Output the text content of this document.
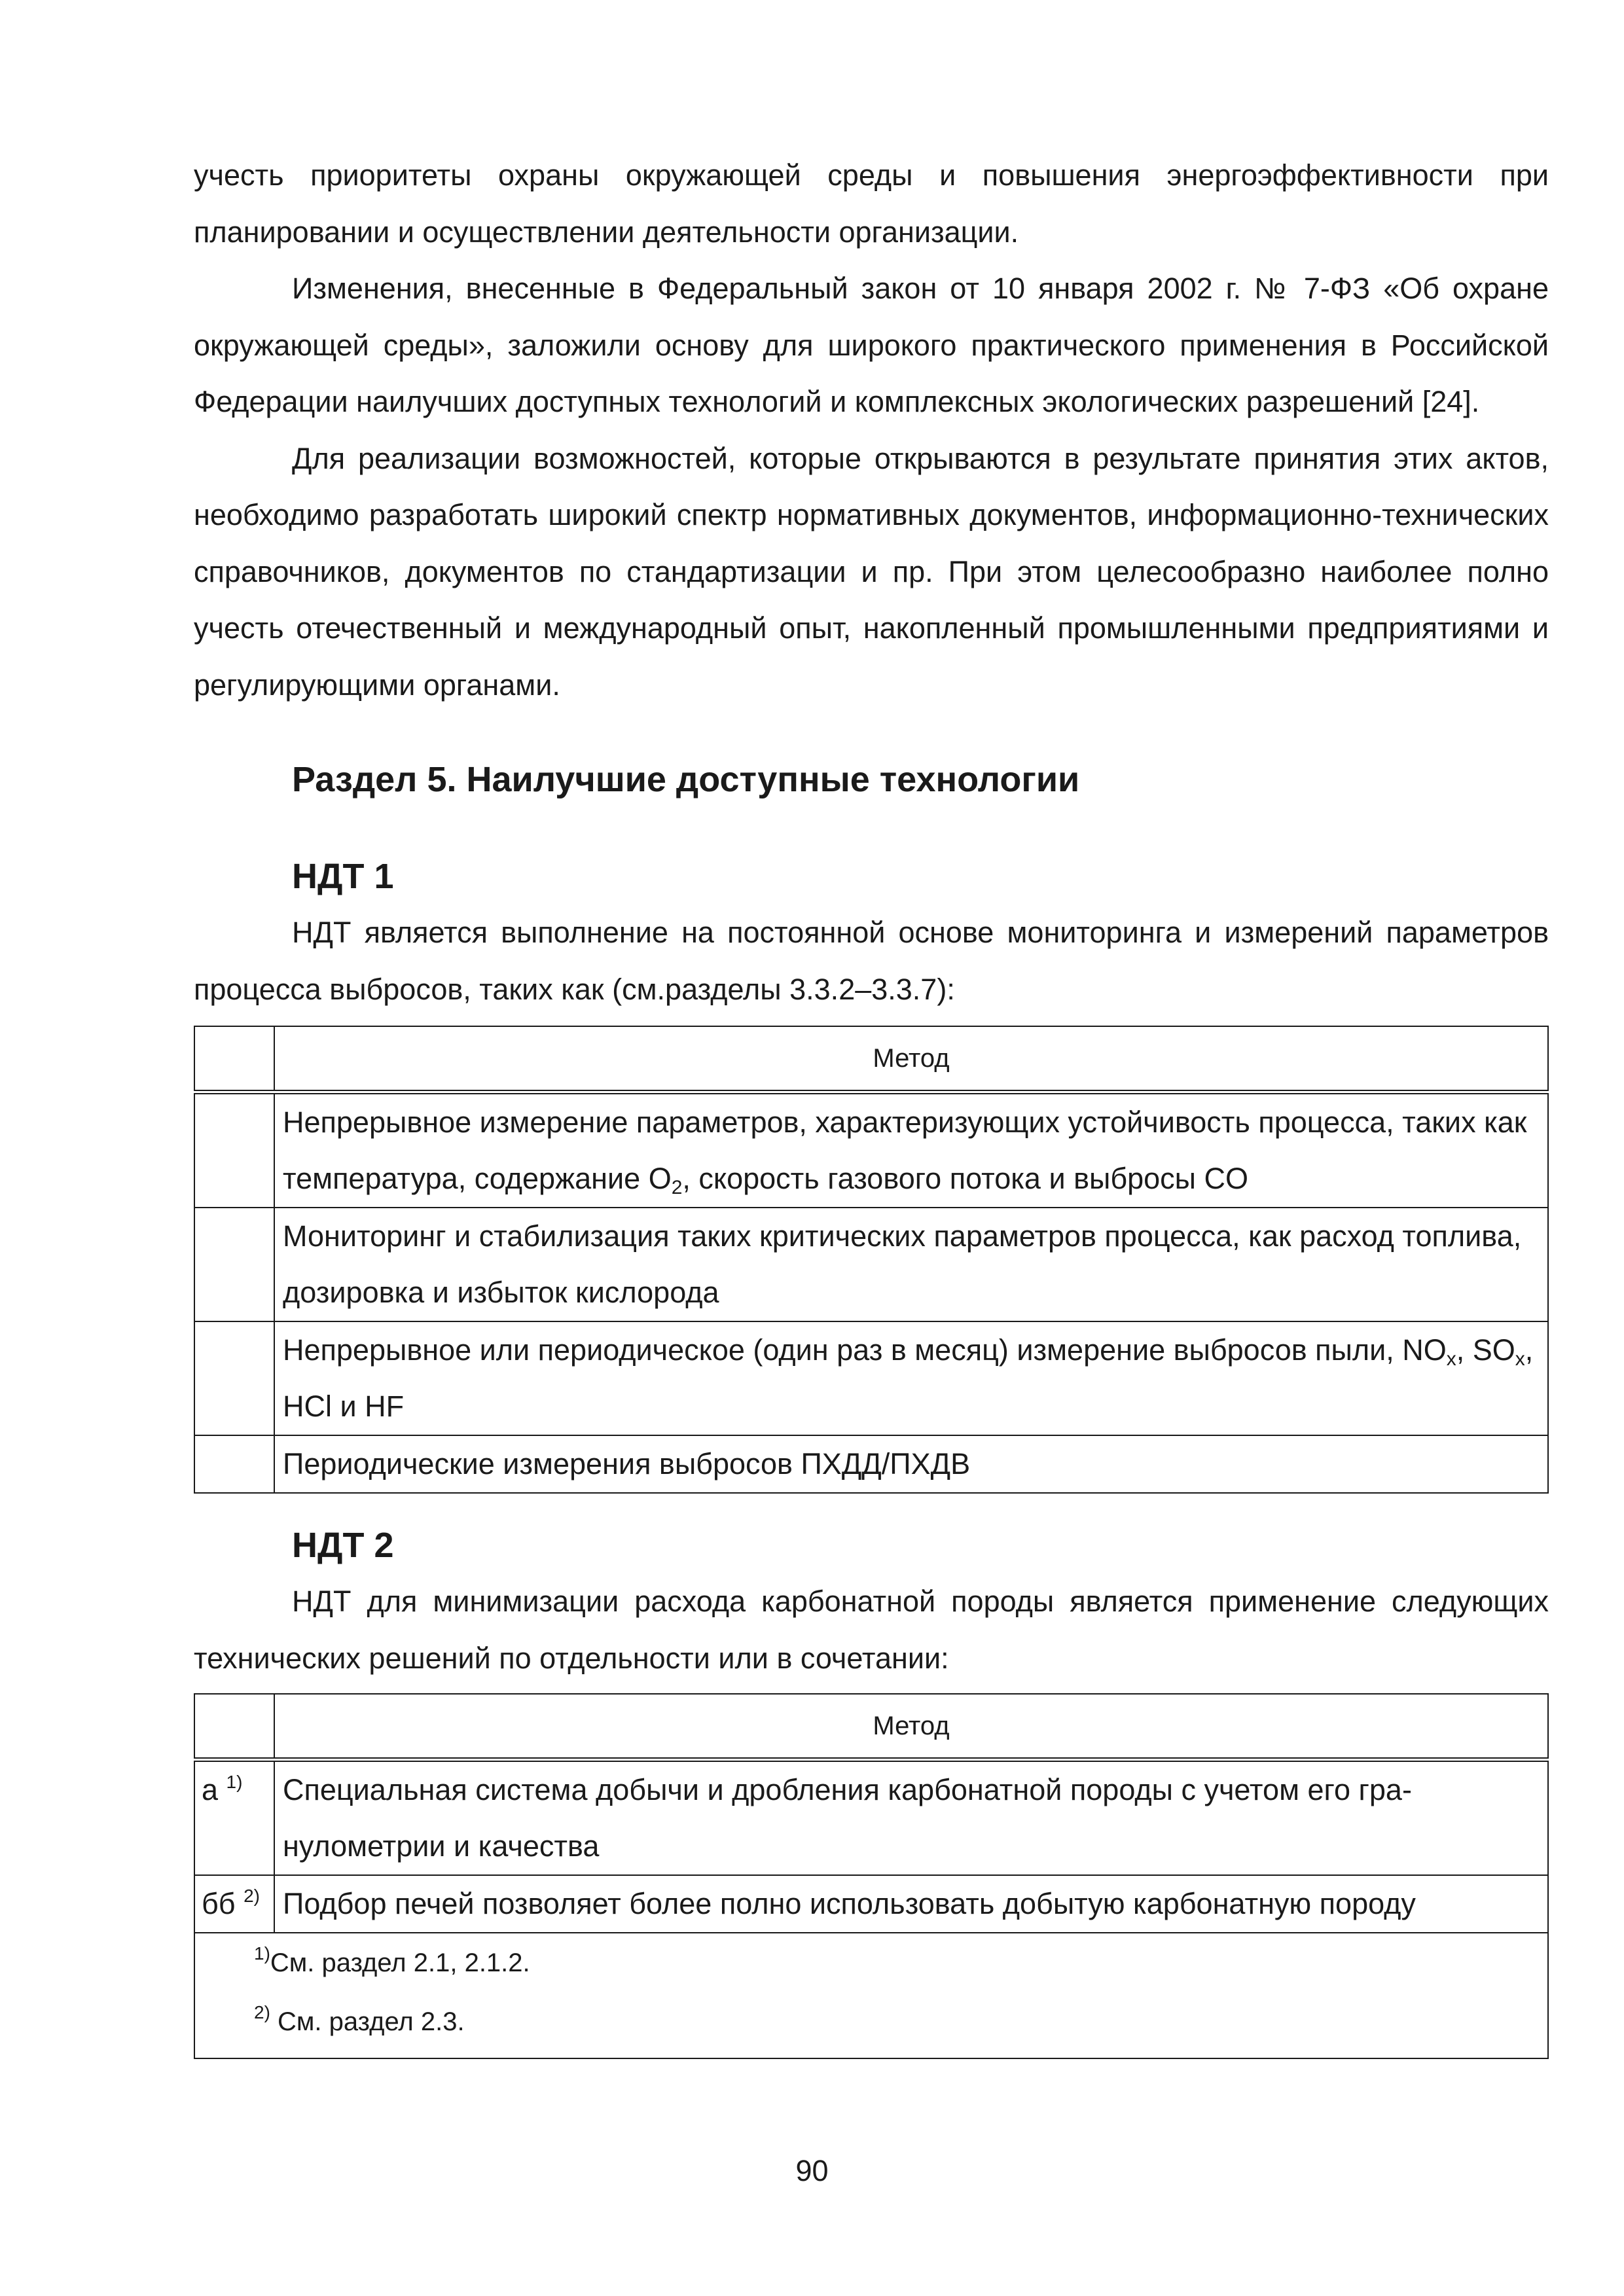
учесть приоритеты охраны окружающей среды и повышения энергоэффективности при планировании и осуществлении деятельности организации.

Изменения, внесенные в Федеральный закон от 10 января 2002 г. № 7-ФЗ «Об охране окружающей среды», заложили основу для широкого практического применения в Российской Федерации наилучших доступных технологий и комплексных экологических разрешений [24].

Для реализации возможностей, которые открываются в результате принятия этих актов, необходимо разработать широкий спектр нормативных документов, информационно-технических справочников, документов по стандартизации и пр. При этом целесообразно наиболее полно учесть отечественный и международный опыт, накопленный промышленными предприятиями и регулирующими органами.

Раздел 5. Наилучшие доступные технологии
НДТ 1

НДТ является выполнение на постоянной основе мониторинга и измерений параметров процесса выбросов, таких как (см.разделы 3.3.2–3.3.7):

	Метод
	Непрерывное измерение параметров, характеризующих устойчивость процесса, таких как температура, содержание $O_2$, скорость газового потока и выбросы CO
	Мониторинг и стабилизация таких критических параметров процесса, как расход топлива, дозировка и избыток кислорода
	Непрерывное или периодическое (один раз в месяц) измерение выбросов пыли, $NO_x$, $SO_x$, HCl и HF
	Периодические измерения выбросов ПХДД/ПХДВ
НДТ 2

НДТ для минимизации расхода карбонатной породы является применение следующих технических решений по отдельности или в сочетании:

	Метод
а $^{1)}$	Специальная система добычи и дробления карбонатной породы с учетом его гранулометрии и качества
бб $^{2)}$	Подбор печей позволяет более полно использовать добытую карбонатную породу

$^{1)}$См. раздел 2.1, 2.1.2.
$^{2)}$ См. раздел 2.3.	
90
